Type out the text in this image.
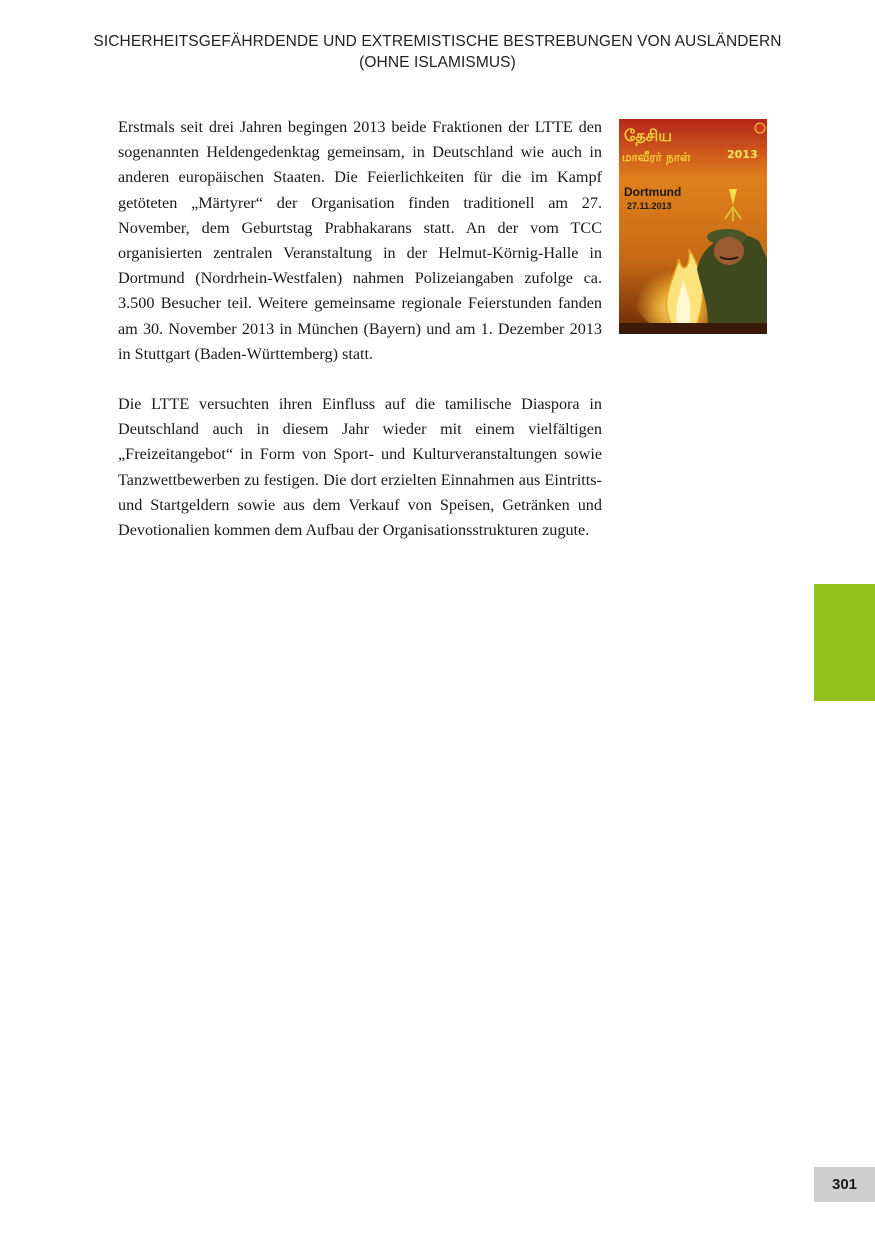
SICHERHEITSGEFÄHRDENDE UND EXTREMISTISCHE BESTREBUNGEN VON AUSLÄNDERN
(OHNE ISLAMISMUS)

Erstmals seit drei Jahren begingen 2013 beide Fraktionen der LTTE den sogenannten Heldengedenktag gemeinsam, in Deutschland wie auch in anderen europäischen Staaten. Die Feierlichkeiten für die im Kampf getöteten „Märtyrer“ der Organisation finden traditionell am 27. November, dem Geburtstag Prabhakarans statt. An der vom TCC organisierten zentralen Veranstaltung in der Helmut-Körnig-Halle in Dortmund (Nordrhein-Westfalen) nahmen Polizeiangaben zufolge ca. 3.500 Besucher teil. Weitere gemeinsame regionale Feierstunden fanden am 30. November 2013 in München (Bayern) und am 1. Dezember 2013 in Stuttgart (Baden-Württemberg) statt.

Die LTTE versuchten ihren Einfluss auf die tamilische Diaspora in Deutschland auch in diesem Jahr wieder mit einem vielfältigen „Freizeitangebot“ in Form von Sport- und Kulturveranstaltungen sowie Tanzwettbewerben zu festigen. Die dort erzielten Einnahmen aus Eintritts- und Startgeldern sowie aus dem Verkauf von Speisen, Getränken und Devotionalien kommen dem Aufbau der Organisationsstrukturen zugute.

தேசிய
மாவீரர் நாள்	2013
Dortmund
27.11.2013
301
